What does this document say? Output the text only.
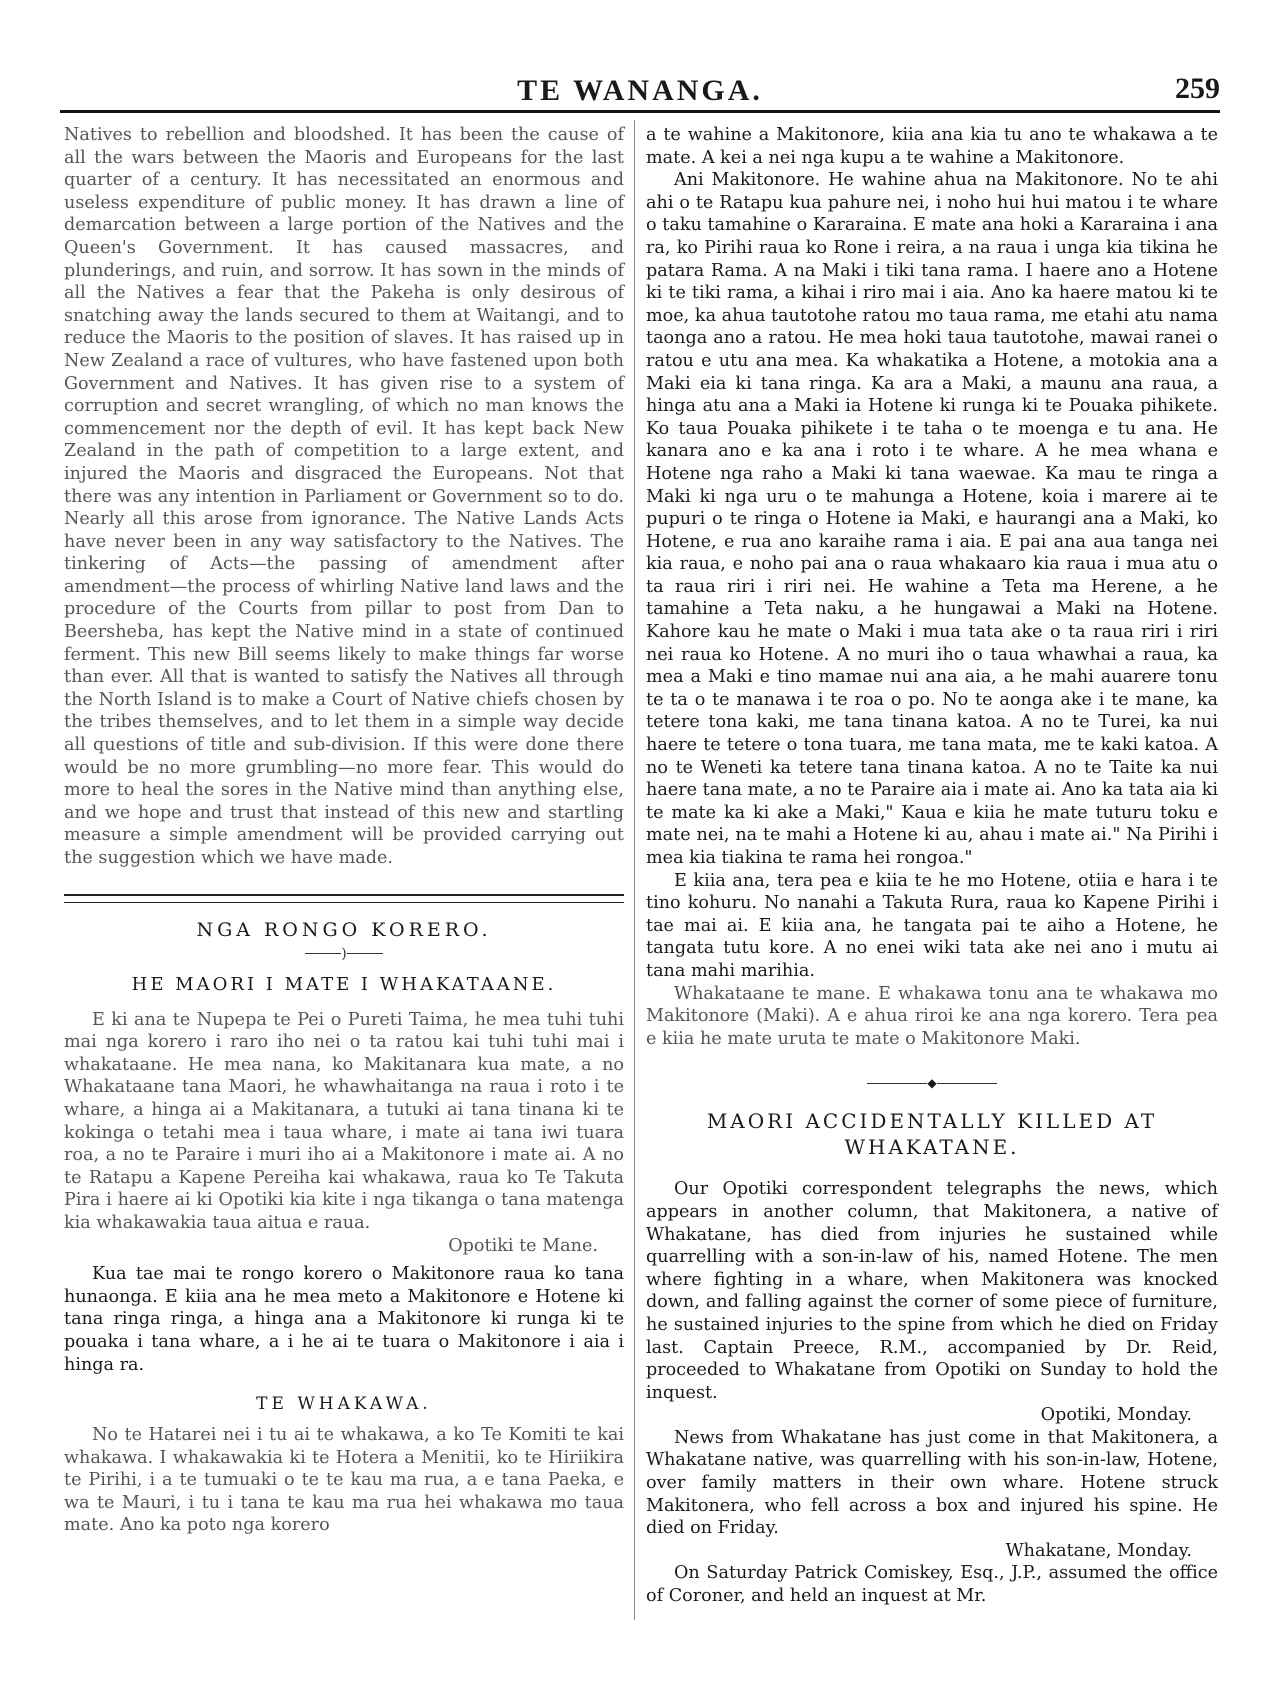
TE WANANGA.	259

Natives to rebellion and bloodshed. It has been the cause of all the wars between the Maoris and Europeans for the last quarter of a century. It has necessitated an enormous and useless expenditure of public money. It has drawn a line of demarcation between a large portion of the Natives and the Queen's Government. It has caused massacres, and plunderings, and ruin, and sorrow. It has sown in the minds of all the Natives a fear that the Pakeha is only desirous of snatching away the lands secured to them at Waitangi, and to reduce the Maoris to the position of slaves. It has raised up in New Zealand a race of vultures, who have fastened upon both Government and Natives. It has given rise to a system of corruption and secret wrangling, of which no man knows the commencement nor the depth of evil. It has kept back New Zealand in the path of competition to a large extent, and injured the Maoris and disgraced the Europeans. Not that there was any intention in Parliament or Government so to do. Nearly all this arose from ignorance. The Native Lands Acts have never been in any way satisfactory to the Natives. The tinkering of Acts—the passing of amendment after amendment—the process of whirling Native land laws and the procedure of the Courts from pillar to post from Dan to Beersheba, has kept the Native mind in a state of continued ferment. This new Bill seems likely to make things far worse than ever. All that is wanted to satisfy the Natives all through the North Island is to make a Court of Native chiefs chosen by the tribes themselves, and to let them in a simple way decide all questions of title and sub-division. If this were done there would be no more grumbling—no more fear. This would do more to heal the sores in the Native mind than anything else, and we hope and trust that instead of this new and startling measure a simple amendment will be provided carrying out the suggestion which we have made.

NGA RONGO KORERO.
)
HE MAORI I MATE I WHAKATAANE.

E ki ana te Nupepa te Pei o Pureti Taima, he mea tuhi tuhi mai nga korero i raro iho nei o ta ratou kai tuhi tuhi mai i whakataane. He mea nana, ko Makitanara kua mate, a no Whakataane tana Maori, he whawhaitanga na raua i roto i te whare, a hinga ai a Makitanara, a tutuki ai tana tinana ki te kokinga o tetahi mea i taua whare, i mate ai tana iwi tuara roa, a no te Paraire i muri iho ai a Makitonore i mate ai. A no te Ratapu a Kapene Pereiha kai whakawa, raua ko Te Takuta Pira i haere ai ki Opotiki kia kite i nga tikanga o tana matenga kia whakawakia taua aitua e raua.

Opotiki te Mane.

Kua tae mai te rongo korero o Makitonore raua ko tana hunaonga. E kiia ana he mea meto a Makitonore e Hotene ki tana ringa ringa, a hinga ana a Makitonore ki runga ki te pouaka i tana whare, a i he ai te tuara o Makitonore i aia i hinga ra.

TE WHAKAWA.

No te Hatarei nei i tu ai te whakawa, a ko Te Komiti te kai whakawa. I whakawakia ki te Hotera a Menitii, ko te Hiriikira te Pirihi, i a te tumuaki o te te kau ma rua, a e tana Paeka, e wa te Mauri, i tu i tana te kau ma rua hei whakawa mo taua mate. Ano ka poto nga korero

a te wahine a Makitonore, kiia ana kia tu ano te whakawa a te mate. A kei a nei nga kupu a te wahine a Makitonore.

Ani Makitonore. He wahine ahua na Makitonore. No te ahi ahi o te Ratapu kua pahure nei, i noho hui hui matou i te whare o taku tamahine o Kararaina. E mate ana hoki a Kararaina i ana ra, ko Pirihi raua ko Rone i reira, a na raua i unga kia tikina he patara Rama. A na Maki i tiki tana rama. I haere ano a Hotene ki te tiki rama, a kihai i riro mai i aia. Ano ka haere matou ki te moe, ka ahua tautotohe ratou mo taua rama, me etahi atu nama taonga ano a ratou. He mea hoki taua tautotohe, mawai ranei o ratou e utu ana mea. Ka whakatika a Hotene, a motokia ana a Maki eia ki tana ringa. Ka ara a Maki, a maunu ana raua, a hinga atu ana a Maki ia Hotene ki runga ki te Pouaka pihikete. Ko taua Pouaka pihikete i te taha o te moenga e tu ana. He kanara ano e ka ana i roto i te whare. A he mea whana e Hotene nga raho a Maki ki tana waewae. Ka mau te ringa a Maki ki nga uru o te mahunga a Hotene, koia i marere ai te pupuri o te ringa o Hotene ia Maki, e haurangi ana a Maki, ko Hotene, e rua ano karaihe rama i aia. E pai ana aua tanga nei kia raua, e noho pai ana o raua whakaaro kia raua i mua atu o ta raua riri i riri nei. He wahine a Teta ma Herene, a he tamahine a Teta naku, a he hungawai a Maki na Hotene. Kahore kau he mate o Maki i mua tata ake o ta raua riri i riri nei raua ko Hotene. A no muri iho o taua whawhai a raua, ka mea a Maki e tino mamae nui ana aia, a he mahi auarere tonu te ta o te manawa i te roa o po. No te aonga ake i te mane, ka tetere tona kaki, me tana tinana katoa. A no te Turei, ka nui haere te tetere o tona tuara, me tana mata, me te kaki katoa. A no te Weneti ka tetere tana tinana katoa. A no te Taite ka nui haere tana mate, a no te Paraire aia i mate ai. Ano ka tata aia ki te mate ka ki ake a Maki," Kaua e kiia he mate tuturu toku e mate nei, na te mahi a Hotene ki au, ahau i mate ai." Na Pirihi i mea kia tiakina te rama hei rongoa."

E kiia ana, tera pea e kiia te he mo Hotene, otiia e hara i te tino kohuru. No nanahi a Takuta Rura, raua ko Kapene Pirihi i tae mai ai. E kiia ana, he tangata pai te aiho a Hotene, he tangata tutu kore. A no enei wiki tata ake nei ano i mutu ai tana mahi marihia.

Whakataane te mane. E whakawa tonu ana te whakawa mo Makitonore (Maki). A e ahua riroi ke ana nga korero. Tera pea e kiia he mate uruta te mate o Makitonore Maki.

◆
MAORI ACCIDENTALLY KILLED AT WHAKATANE.

Our Opotiki correspondent telegraphs the news, which appears in another column, that Makitonera, a native of Whakatane, has died from injuries he sustained while quarrelling with a son-in-law of his, named Hotene. The men where fighting in a whare, when Makitonera was knocked down, and falling against the corner of some piece of furniture, he sustained injuries to the spine from which he died on Friday last. Captain Preece, R.M., accompanied by Dr. Reid, proceeded to Whakatane from Opotiki on Sunday to hold the inquest.

Opotiki, Monday.

News from Whakatane has just come in that Makitonera, a Whakatane native, was quarrelling with his son-in-law, Hotene, over family matters in their own whare. Hotene struck Makitonera, who fell across a box and injured his spine. He died on Friday.

Whakatane, Monday.

On Saturday Patrick Comiskey, Esq., J.P., assumed the office of Coroner, and held an inquest at Mr.
